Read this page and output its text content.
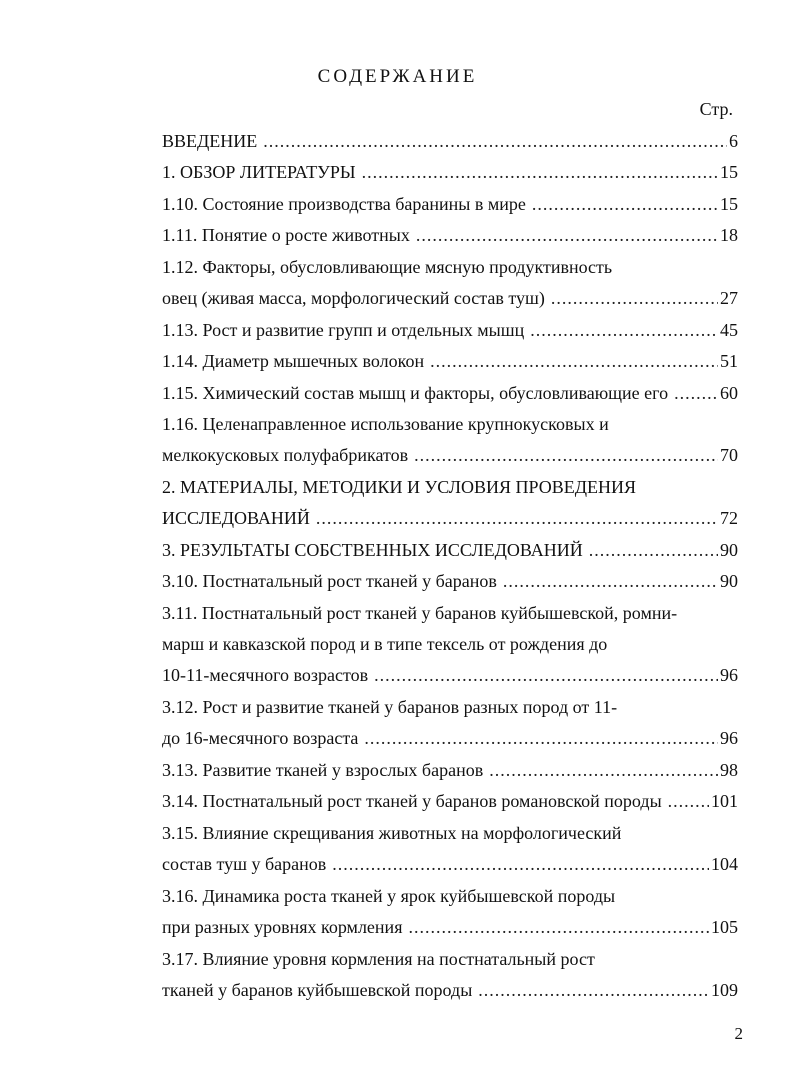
СОДЕРЖАНИЕ
Стр.
ВВЕДЕНИЕ .....	6
1. ОБЗОР ЛИТЕРАТУРЫ .....	15
1.10. Состояние производства баранины в мире .....	15
1.11. Понятие о росте животных .....	18
1.12. Факторы, обусловливающие мясную продуктивность
овец (живая масса, морфологический состав туш) .....	27
1.13. Рост и развитие групп и отдельных мышц .....	45
1.14. Диаметр мышечных волокон .....	51
1.15. Химический состав мышц и факторы, обусловливающие его .....	60
1.16. Целенаправленное использование крупнокусковых и
мелкокусковых полуфабрикатов .....	70
2. МАТЕРИАЛЫ, МЕТОДИКИ И УСЛОВИЯ ПРОВЕДЕНИЯ
ИССЛЕДОВАНИЙ .....	72
3. РЕЗУЛЬТАТЫ СОБСТВЕННЫХ ИССЛЕДОВАНИЙ .....	90
3.10. Постнатальный рост тканей у баранов .....	90
3.11. Постнатальный рост тканей у баранов куйбышевской, ромни-
марш и кавказской пород и в типе тексель от рождения до
10-11-месячного возрастов .....	96
3.12. Рост и развитие тканей у баранов разных пород от 11-
до 16-месячного возраста .....	96
3.13. Развитие тканей у взрослых баранов .....	98
3.14. Постнатальный рост тканей у баранов романовской породы .....	101
3.15. Влияние скрещивания животных на морфологический
состав туш у баранов .....	104
3.16. Динамика роста тканей у ярок куйбышевской породы
при разных уровнях кормления .....	105
3.17. Влияние уровня кормления на постнатальный рост
тканей у баранов куйбышевской породы .....	109
2
